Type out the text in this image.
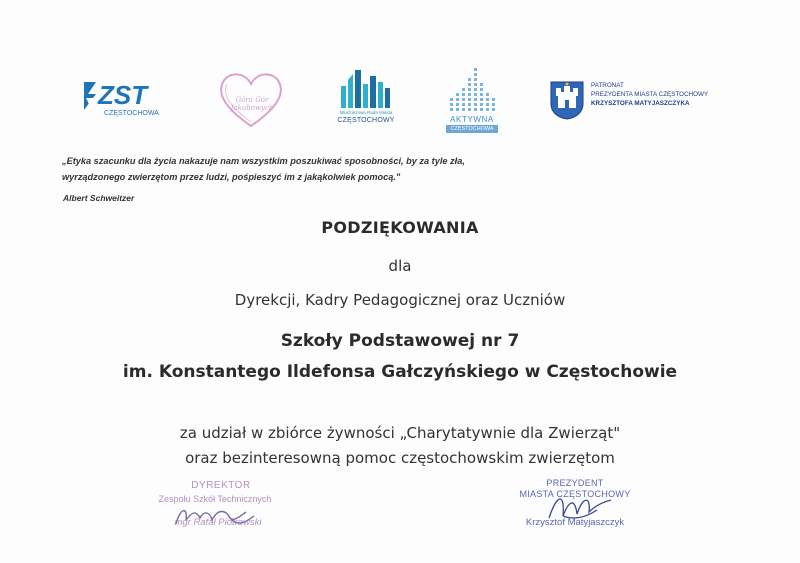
ZST
CZĘSTOCHOWA
Góra Gór Jakubowych
Młodzieżowa Rada Miasta
CZĘSTOCHOWY	AKTYWNA
CZĘSTOCHOWA
PATRONAT
PREZYDENTA MIASTA CZĘSTOCHOWY
KRZYSZTOFA MATYJASZCZYKA
„Etyka szacunku dla życia nakazuje nam wszystkim poszukiwać sposobności, by za tyle zła,
wyrządzonego zwierzętom przez ludzi, pośpieszyć im z jakąkolwiek pomocą."
Albert Schweitzer
PODZIĘKOWANIA
dla
Dyrekcji, Kadry Pedagogicznej oraz Uczniów
Szkoły Podstawowej nr 7
im. Konstantego Ildefonsa Gałczyńskiego w Częstochowie
za udział w zbiórce żywności „Charytatywnie dla Zwierząt"
oraz bezinteresowną pomoc częstochowskim zwierzętom
DYREKTOR
Zespołu Szkół Technicznych
mgr Rafał Piotrowski
PREZYDENT
MIASTA CZĘSTOCHOWY
Krzysztof Matyjaszczyk
